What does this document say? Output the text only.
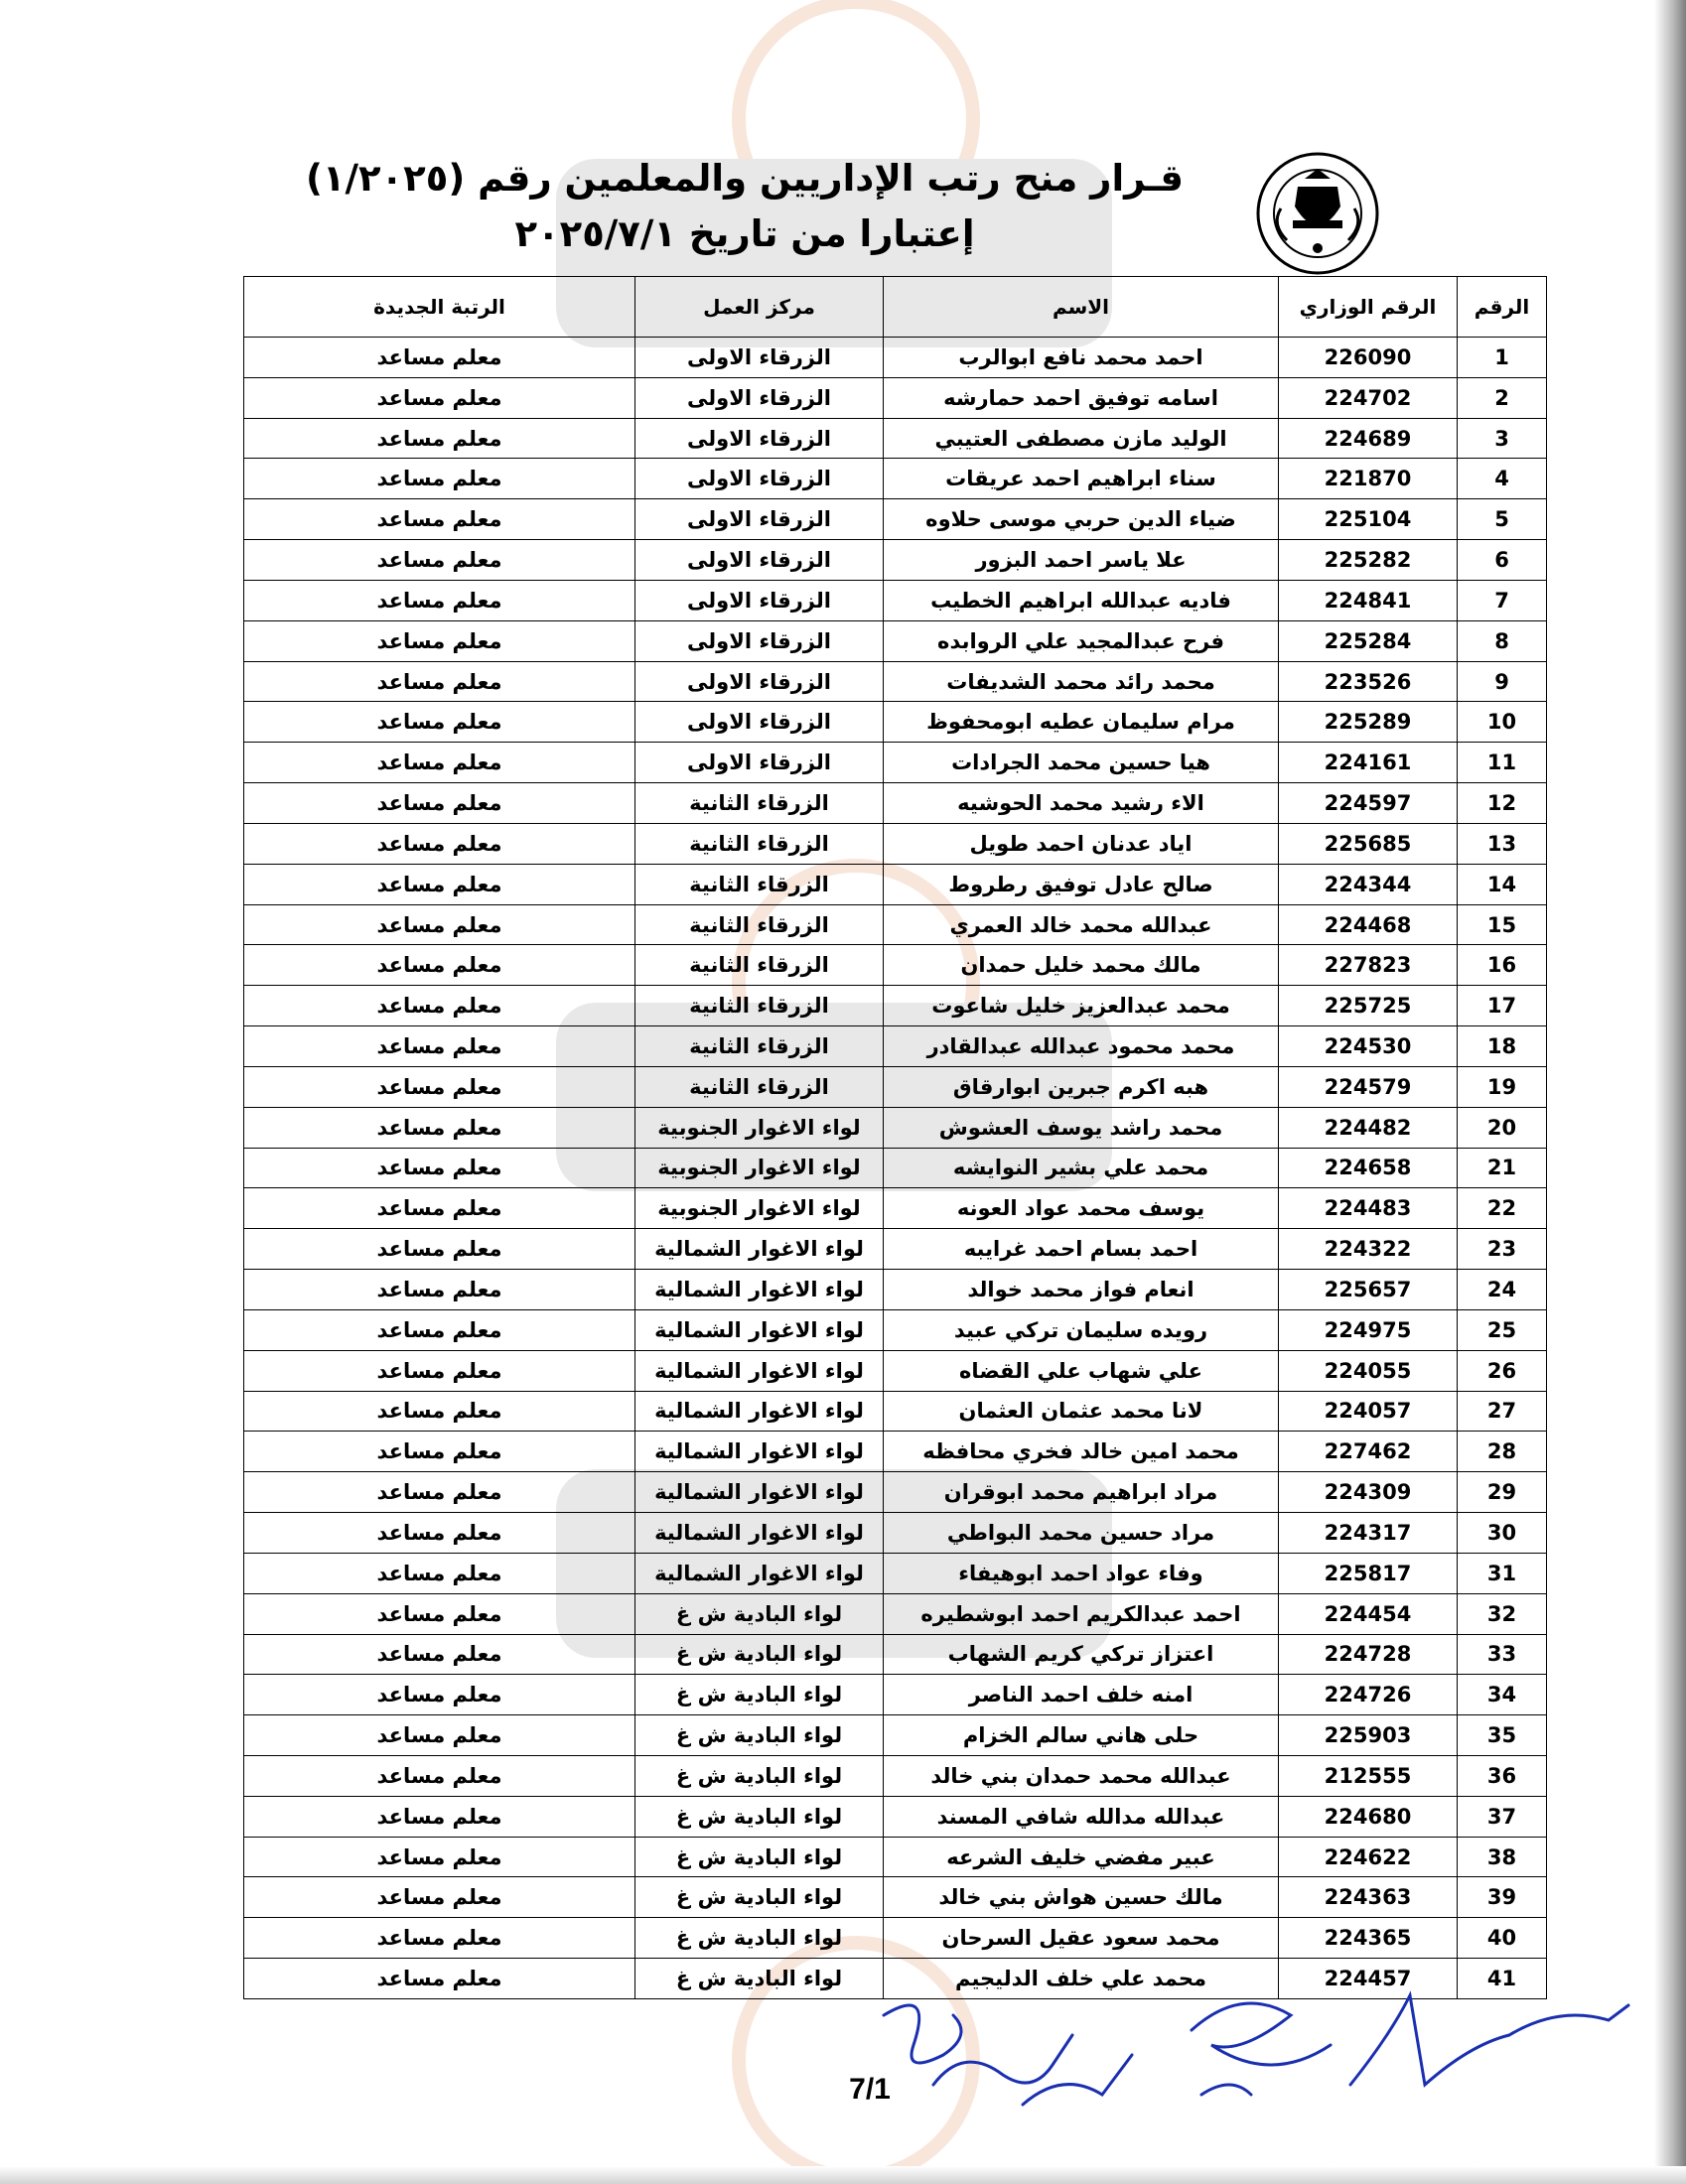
قـرار منح رتب الإداريين والمعلمين رقم (١/٢٠٢٥) إعتبارا من تاريخ ٢٠٢٥/٧/١
الرقم	الرقم الوزاري	الاسم	مركز العمل	الرتبة الجديدة
1	226090	احمد محمد نافع ابوالرب	الزرقاء الاولى	معلم مساعد
2	224702	اسامه توفيق احمد حمارشه	الزرقاء الاولى	معلم مساعد
3	224689	الوليد مازن مصطفى العتيبي	الزرقاء الاولى	معلم مساعد
4	221870	سناء ابراهيم احمد عريقات	الزرقاء الاولى	معلم مساعد
5	225104	ضياء الدين حربي موسى حلاوه	الزرقاء الاولى	معلم مساعد
6	225282	علا ياسر احمد البزور	الزرقاء الاولى	معلم مساعد
7	224841	فاديه عبدالله ابراهيم الخطيب	الزرقاء الاولى	معلم مساعد
8	225284	فرح عبدالمجيد علي الروابده	الزرقاء الاولى	معلم مساعد
9	223526	محمد رائد محمد الشديفات	الزرقاء الاولى	معلم مساعد
10	225289	مرام سليمان عطيه ابومحفوظ	الزرقاء الاولى	معلم مساعد
11	224161	هيا حسين محمد الجرادات	الزرقاء الاولى	معلم مساعد
12	224597	الاء رشيد محمد الحوشيه	الزرقاء الثانية	معلم مساعد
13	225685	اياد عدنان احمد طويل	الزرقاء الثانية	معلم مساعد
14	224344	صالح عادل توفيق رطروط	الزرقاء الثانية	معلم مساعد
15	224468	عبدالله محمد خالد العمري	الزرقاء الثانية	معلم مساعد
16	227823	مالك محمد خليل حمدان	الزرقاء الثانية	معلم مساعد
17	225725	محمد عبدالعزيز خليل شاعوت	الزرقاء الثانية	معلم مساعد
18	224530	محمد محمود عبدالله عبدالقادر	الزرقاء الثانية	معلم مساعد
19	224579	هبه اكرم جبرين ابوارقاق	الزرقاء الثانية	معلم مساعد
20	224482	محمد راشد يوسف العشوش	لواء الاغوار الجنوبية	معلم مساعد
21	224658	محمد علي بشير النوايشه	لواء الاغوار الجنوبية	معلم مساعد
22	224483	يوسف محمد عواد العونه	لواء الاغوار الجنوبية	معلم مساعد
23	224322	احمد بسام احمد غرايبه	لواء الاغوار الشمالية	معلم مساعد
24	225657	انعام فواز محمد خوالد	لواء الاغوار الشمالية	معلم مساعد
25	224975	رويده سليمان تركي عبيد	لواء الاغوار الشمالية	معلم مساعد
26	224055	علي شهاب علي القضاه	لواء الاغوار الشمالية	معلم مساعد
27	224057	لانا محمد عثمان العثمان	لواء الاغوار الشمالية	معلم مساعد
28	227462	محمد امين خالد فخري محافظه	لواء الاغوار الشمالية	معلم مساعد
29	224309	مراد ابراهيم محمد ابوقران	لواء الاغوار الشمالية	معلم مساعد
30	224317	مراد حسين محمد البواطي	لواء الاغوار الشمالية	معلم مساعد
31	225817	وفاء عواد احمد ابوهيفاء	لواء الاغوار الشمالية	معلم مساعد
32	224454	احمد عبدالكريم احمد ابوشطيره	لواء البادية ش غ	معلم مساعد
33	224728	اعتزاز تركي كريم الشهاب	لواء البادية ش غ	معلم مساعد
34	224726	امنه خلف احمد الناصر	لواء البادية ش غ	معلم مساعد
35	225903	حلى هاني سالم الخزام	لواء البادية ش غ	معلم مساعد
36	212555	عبدالله محمد حمدان بني خالد	لواء البادية ش غ	معلم مساعد
37	224680	عبدالله مدالله شافي المسند	لواء البادية ش غ	معلم مساعد
38	224622	عبير مفضي خليف الشرعه	لواء البادية ش غ	معلم مساعد
39	224363	مالك حسين هواش بني خالد	لواء البادية ش غ	معلم مساعد
40	224365	محمد سعود عقيل السرحان	لواء البادية ش غ	معلم مساعد
41	224457	محمد علي خلف الدليجيم	لواء البادية ش غ	معلم مساعد
7/1
